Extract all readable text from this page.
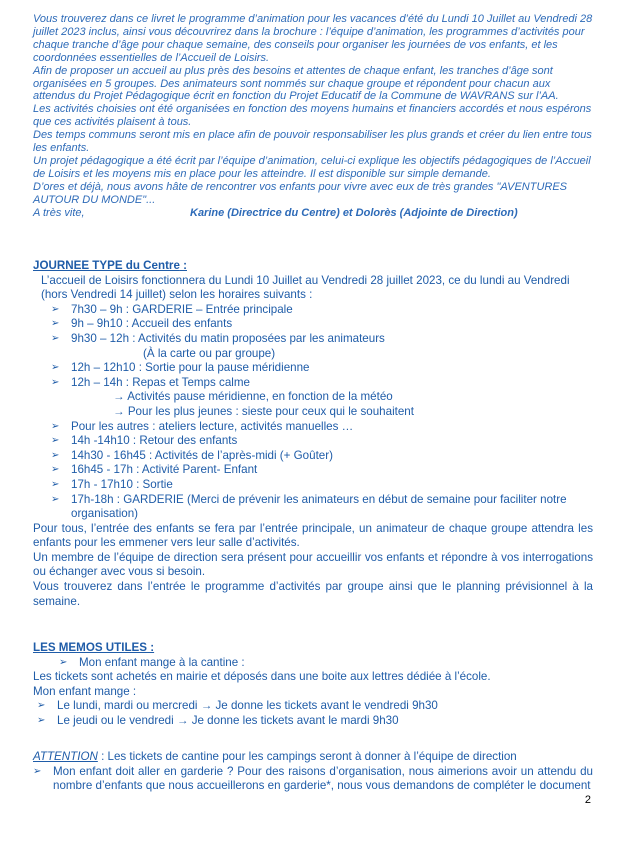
Vous trouverez dans ce livret le programme d’animation pour les vacances d’été du Lundi 10 Juillet au Vendredi 28 juillet 2023 inclus, ainsi vous découvrirez dans la brochure : l’équipe d’animation, les programmes d’activités pour chaque tranche d’âge pour chaque semaine, des conseils pour organiser les journées de vos enfants, et les coordonnées essentielles de l’Accueil de Loisirs.

Afin de proposer un accueil au plus près des besoins et attentes de chaque enfant, les tranches d’âge sont organisées en 5 groupes. Des animateurs sont nommés sur chaque groupe et répondent pour chacun aux attendus du Projet Pédagogique écrit en fonction du Projet Educatif de la Commune de WAVRANS sur l’AA.

Les activités choisies ont été organisées en fonction des moyens humains et financiers accordés et nous espérons que ces activités plaisent à tous.

Des temps communs seront mis en place afin de pouvoir responsabiliser les plus grands et créer du lien entre tous les enfants.

Un projet pédagogique a été écrit par l’équipe d’animation, celui-ci explique les objectifs pédagogiques de l’Accueil de Loisirs et les moyens mis en place pour les atteindre. Il est disponible sur simple demande.

D’ores et déjà, nous avons hâte de rencontrer vos enfants pour vivre avec eux de très grandes "AVENTURES AUTOUR DU MONDE"...

A très vite,	Karine (Directrice du Centre) et Dolorès (Adjointe de Direction)

JOURNEE TYPE du Centre :

L’accueil de Loisirs fonctionnera du Lundi 10 Juillet au Vendredi 28 juillet 2023, ce du lundi au Vendredi (hors Vendredi 14 juillet) selon les horaires suivants :

➢	7h30 – 9h : GARDERIE – Entrée principale
➢	9h – 9h10 : Accueil des enfants
➢	9h30 – 12h : Activités du matin proposées par les animateurs

(À la carte ou par groupe)

➢	12h – 12h10 : Sortie pour la pause méridienne
➢	12h – 14h : Repas et Temps calme

→ Activités pause méridienne, en fonction de la météo

→ Pour les plus jeunes : sieste pour ceux qui le souhaitent

➢	Pour les autres : ateliers lecture, activités manuelles …
➢	14h -14h10 : Retour des enfants
➢	14h30 - 16h45 : Activités de l’après-midi (+ Goûter)
➢	16h45 - 17h : Activité Parent- Enfant
➢	17h - 17h10 : Sortie
➢	17h-18h : GARDERIE (Merci de prévenir les animateurs en début de semaine pour faciliter notre organisation)

Pour tous, l’entrée des enfants se fera par l’entrée principale, un animateur de chaque groupe attendra les enfants pour les emmener vers leur salle d’activités.

Un membre de l’équipe de direction sera présent pour accueillir vos enfants et répondre à vos interrogations ou échanger avec vous si besoin.

Vous trouverez dans l’entrée le programme d’activités par groupe ainsi que le planning prévisionnel à la semaine.

LES MEMOS UTILES :

➢	Mon enfant mange à la cantine :

Les tickets sont achetés en mairie et déposés dans une boite aux lettres dédiée à l’école.

Mon enfant mange :

➢	Le lundi, mardi ou mercredi → Je donne les tickets avant le vendredi 9h30
➢	Le jeudi ou le vendredi → Je donne les tickets avant le mardi 9h30

ATTENTION : Les tickets de cantine pour les campings seront à donner à l’équipe de direction

➢	Mon enfant doit aller en garderie ? Pour des raisons d’organisation, nous aimerions avoir un attendu du nombre d’enfants que nous accueillerons en garderie*, nous vous demandons de compléter le document
2
